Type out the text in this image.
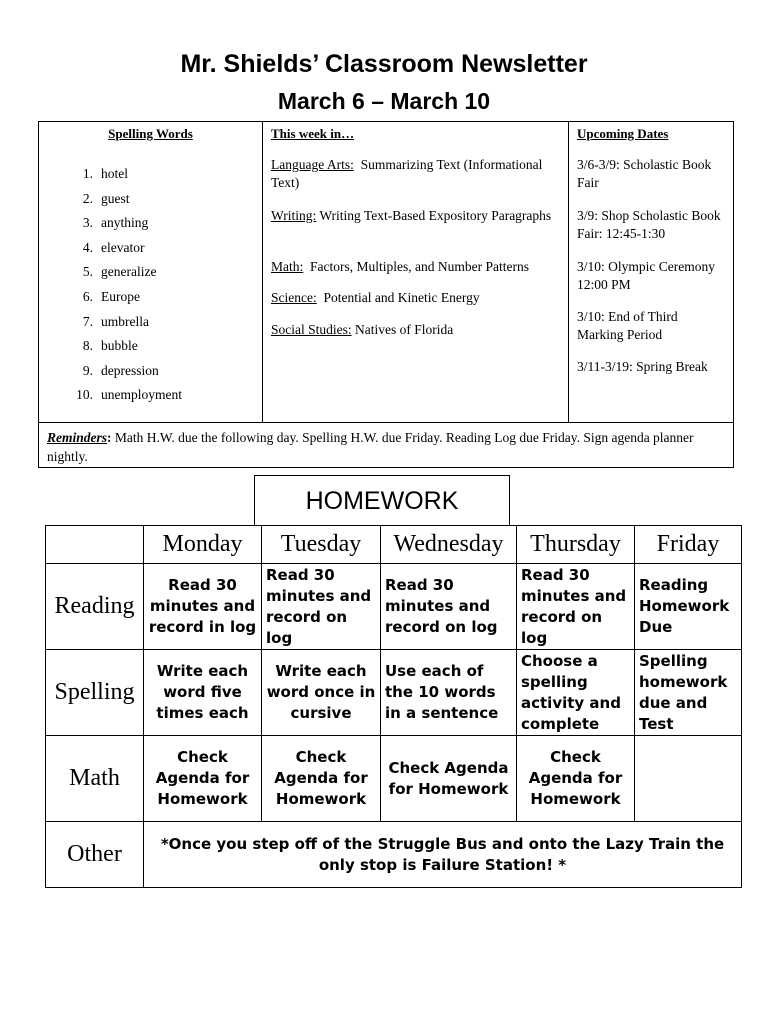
Mr. Shields’ Classroom Newsletter
March 6 – March 10
Spelling Words
1. hotel
2. guest
3. anything
4. elevator
5. generalize
6. Europe
7. umbrella
8. bubble
9. depression
10. unemployment
This week in…
Language Arts:  Summarizing Text (Informational Text)
Writing: Writing Text-Based Expository Paragraphs
Math:  Factors, Multiples, and Number Patterns
Science:  Potential and Kinetic Energy
Social Studies: Natives of Florida
Upcoming Dates
3/6-3/9: Scholastic Book Fair
3/9: Shop Scholastic Book Fair: 12:45-1:30
3/10: Olympic Ceremony 12:00 PM
3/10: End of Third Marking Period
3/11-3/19: Spring Break
Reminders: Math H.W. due the following day. Spelling H.W. due Friday. Reading Log due Friday. Sign agenda planner nightly.
HOMEWORK
	Monday	Tuesday	Wednesday	Thursday	Friday
Reading	Read 30 minutes and record in log	Read 30 minutes and record on log	Read 30 minutes and record on log	Read 30 minutes and record on log	Reading Homework Due
Spelling	Write each word five times each	Write each word once in cursive	Use each of the 10 words in a sentence	Choose a spelling activity and complete	Spelling homework due and Test
Math	Check Agenda for Homework	Check Agenda for Homework	Check Agenda for Homework	Check Agenda for Homework	
Other	*Once you step off of the Struggle Bus and onto the Lazy Train the only stop is Failure Station! *				
